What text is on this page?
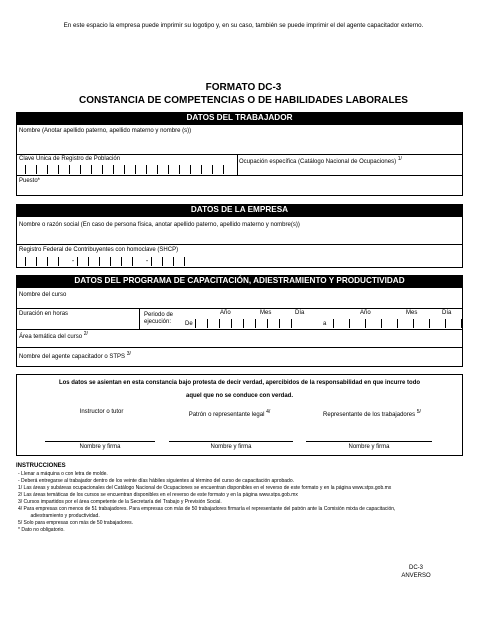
En este espacio la empresa puede imprimir su logotipo y, en su caso, también se puede imprimir el del agente capacitador externo.
FORMATO DC-3
CONSTANCIA DE COMPETENCIAS O DE HABILIDADES LABORALES
DATOS DEL TRABAJADOR
Nombre (Anotar apellido paterno, apellido materno y nombre (s))
Clave Única de Registro de Población	Ocupación específica (Catálogo Nacional de Ocupaciones) $^{1/}$
Puesto*
DATOS DE LA EMPRESA
Nombre o razón social (En caso de persona física, anotar apellido paterno, apellido materno y nombre(s))
Registro Federal de Contribuyentes con homoclave (SHCP)
-	-
DATOS DEL PROGRAMA DE CAPACITACIÓN, ADIESTRAMIENTO Y PRODUCTIVIDAD
Nombre del curso
Duración en horas	Periodo de
ejecución: De
Año	Mes	Día
a
Año	Mes	Día
Área temática del curso $^{2/}$
Nombre del agente capacitador o STPS $^{3/}$
Los datos se asientan en esta constancia bajo protesta de decir verdad, apercibidos de la responsabilidad en que incurre todo
aquel que no se conduce con verdad.
Instructor o tutor	Patrón o representante legal $^{4/}$	Representante de los trabajadores $^{5/}$
Nombre y firma	Nombre y firma	Nombre y firma
INSTRUCCIONES
- Llenar a máquina o con letra de molde.
- Deberá entregarse al trabajador dentro de los veinte días hábiles siguientes al término del curso de capacitación aprobado.
1/ Las áreas y subáreas ocupacionales del Catálogo Nacional de Ocupaciones se encuentran disponibles en el reverso de este formato y en la página www.stps.gob.mx
2/ Las áreas temáticas de los cursos se encuentran disponibles en el reverso de este formato y en la página www.stps.gob.mx
3/ Cursos impartidos por el área competente de la Secretaría del Trabajo y Previsión Social.
4/ Para empresas con menos de 51 trabajadores. Para empresas con más de 50 trabajadores firmaría el representante del patrón ante la Comisión mixta de capacitación,
adiestramiento y productividad.
5/ Solo para empresas con más de 50 trabajadores.
* Dato no obligatorio.
DC-3
ANVERSO
